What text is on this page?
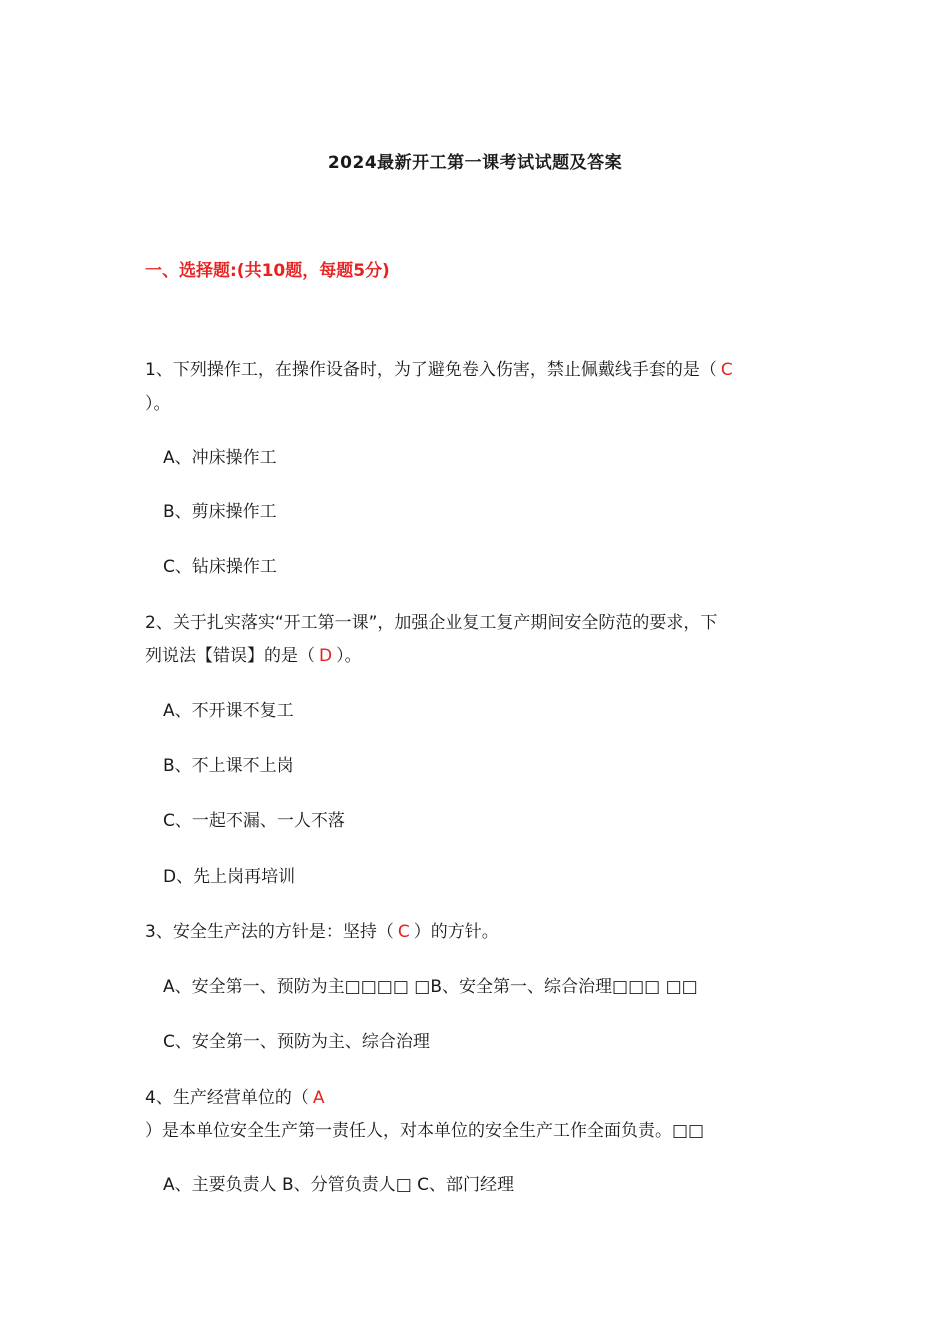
2024最新开工第一课考试试题及答案
一、选择题:(共10题，每题5分)
1、下列操作工，在操作设备时，为了避免卷入伤害，禁止佩戴线手套的是（ C
）。
A、冲床操作工
B、剪床操作工
C、钻床操作工
2、关于扎实落实“开工第一课”，加强企业复工复产期间安全防范的要求，下
列说法【错误】的是（ D ）。
A、不开课不复工
B、不上课不上岗
C、一起不漏、一人不落
D、先上岗再培训
3、安全生产法的方针是：坚持（ C ）的方针。
A、安全第一、预防为主□□□□ □B、安全第一、综合治理□□□ □□
C、安全第一、预防为主、综合治理
4、生产经营单位的（ A
）是本单位安全生产第一责任人，对本单位的安全生产工作全面负责。□□
A、主要负责人 B、分管负责人□ C、部门经理
